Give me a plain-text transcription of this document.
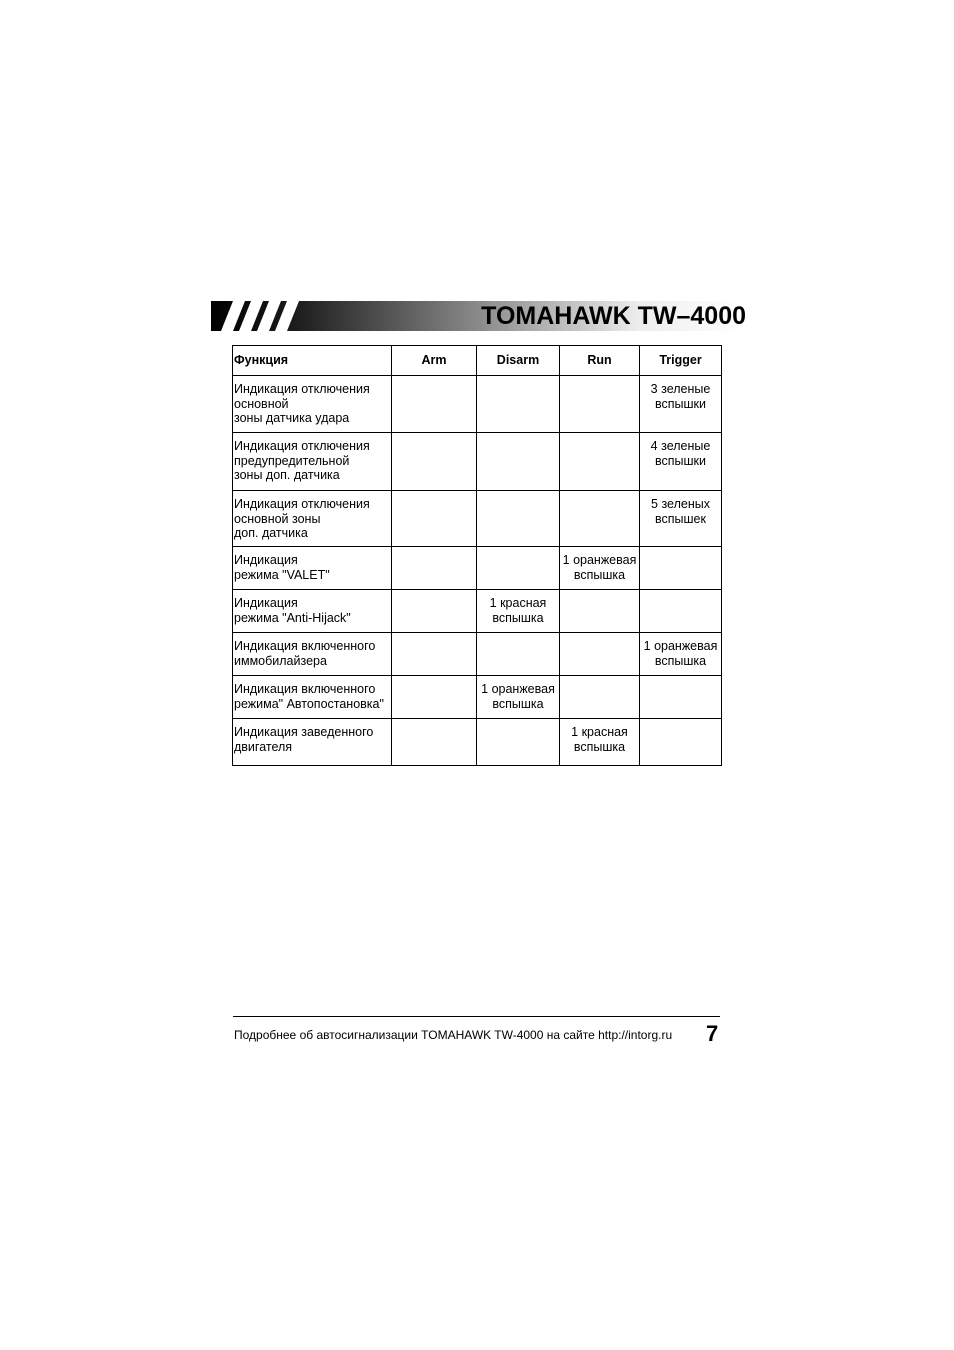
TOMAHAWK TW–4000
Функция	Arm	Disarm	Run	Trigger
Индикация отключения
основной
зоны датчика удара				3 зеленые
вспышки
Индикация отключения
предупредительной
зоны доп. датчика				4 зеленые
вспышки
Индикация отключения
основной зоны
доп. датчика				5 зеленых
вспышек
Индикация
режима "VALET"			1 оранжевая
вспышка	
Индикация
режима "Anti-Hijack"		1 красная
вспышка		
Индикация включенного
иммобилайзера				1 оранжевая
вспышка
Индикация включенного
режима" Автопостановка"		1 оранжевая
вспышка		
Индикация заведенного
двигателя			1 красная
вспышка	
Подробнее об автосигнализации TOMAHAWK TW-4000 на сайте http://intorg.ru 7
